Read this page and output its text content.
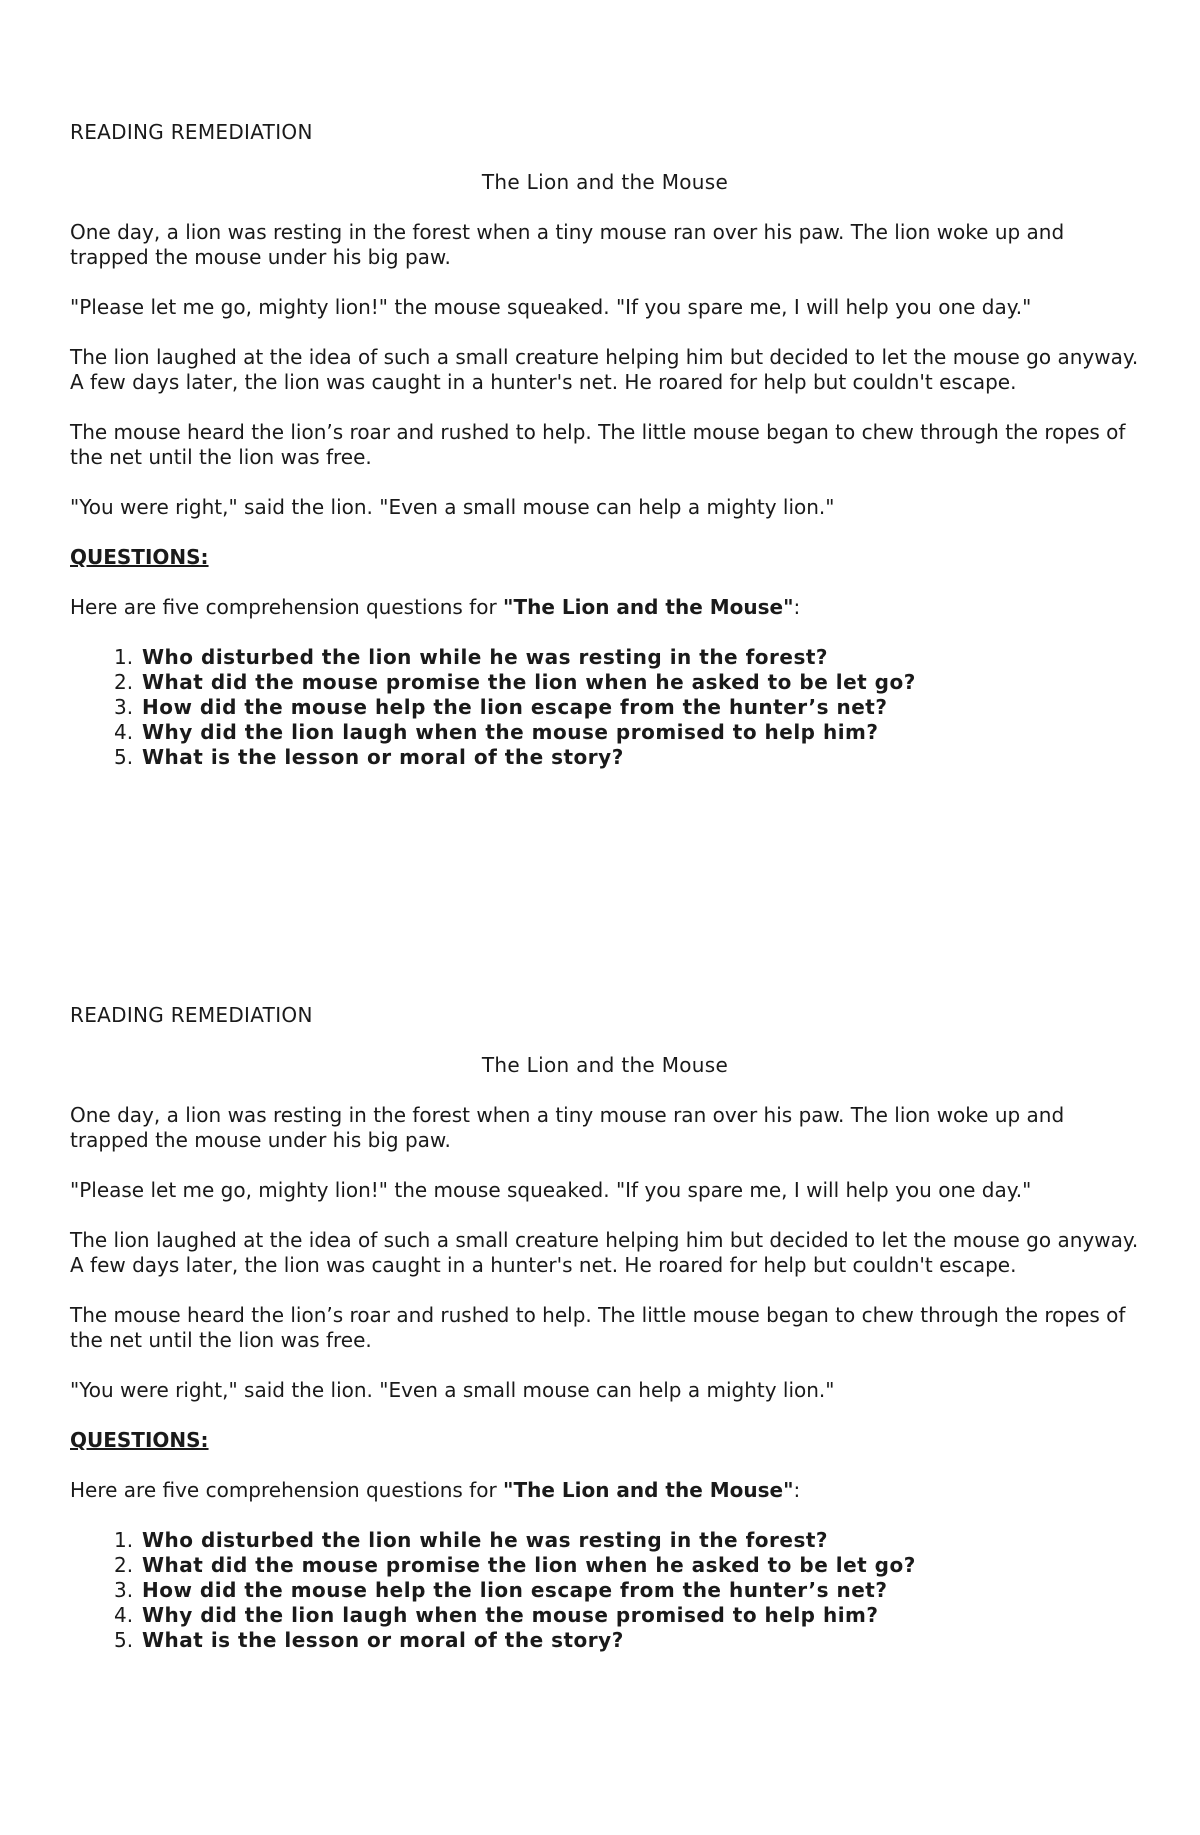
READING REMEDIATION
The Lion and the Mouse

One day, a lion was resting in the forest when a tiny mouse ran over his paw. The lion woke up and trapped the mouse under his big paw.

"Please let me go, mighty lion!" the mouse squeaked. "If you spare me, I will help you one day."

The lion laughed at the idea of such a small creature helping him but decided to let the mouse go anyway.

A few days later, the lion was caught in a hunter's net. He roared for help but couldn't escape.

The mouse heard the lion’s roar and rushed to help. The little mouse began to chew through the ropes of the net until the lion was free.

"You were right," said the lion. "Even a small mouse can help a mighty lion."

QUESTIONS:
Here are five comprehension questions for "The Lion and the Mouse":
1. Who disturbed the lion while he was resting in the forest?
2. What did the mouse promise the lion when he asked to be let go?
3. How did the mouse help the lion escape from the hunter’s net?
4. Why did the lion laugh when the mouse promised to help him?
5. What is the lesson or moral of the story?
READING REMEDIATION
The Lion and the Mouse

One day, a lion was resting in the forest when a tiny mouse ran over his paw. The lion woke up and trapped the mouse under his big paw.

"Please let me go, mighty lion!" the mouse squeaked. "If you spare me, I will help you one day."

The lion laughed at the idea of such a small creature helping him but decided to let the mouse go anyway.

A few days later, the lion was caught in a hunter's net. He roared for help but couldn't escape.

The mouse heard the lion’s roar and rushed to help. The little mouse began to chew through the ropes of the net until the lion was free.

"You were right," said the lion. "Even a small mouse can help a mighty lion."

QUESTIONS:
Here are five comprehension questions for "The Lion and the Mouse":
1. Who disturbed the lion while he was resting in the forest?
2. What did the mouse promise the lion when he asked to be let go?
3. How did the mouse help the lion escape from the hunter’s net?
4. Why did the lion laugh when the mouse promised to help him?
5. What is the lesson or moral of the story?
